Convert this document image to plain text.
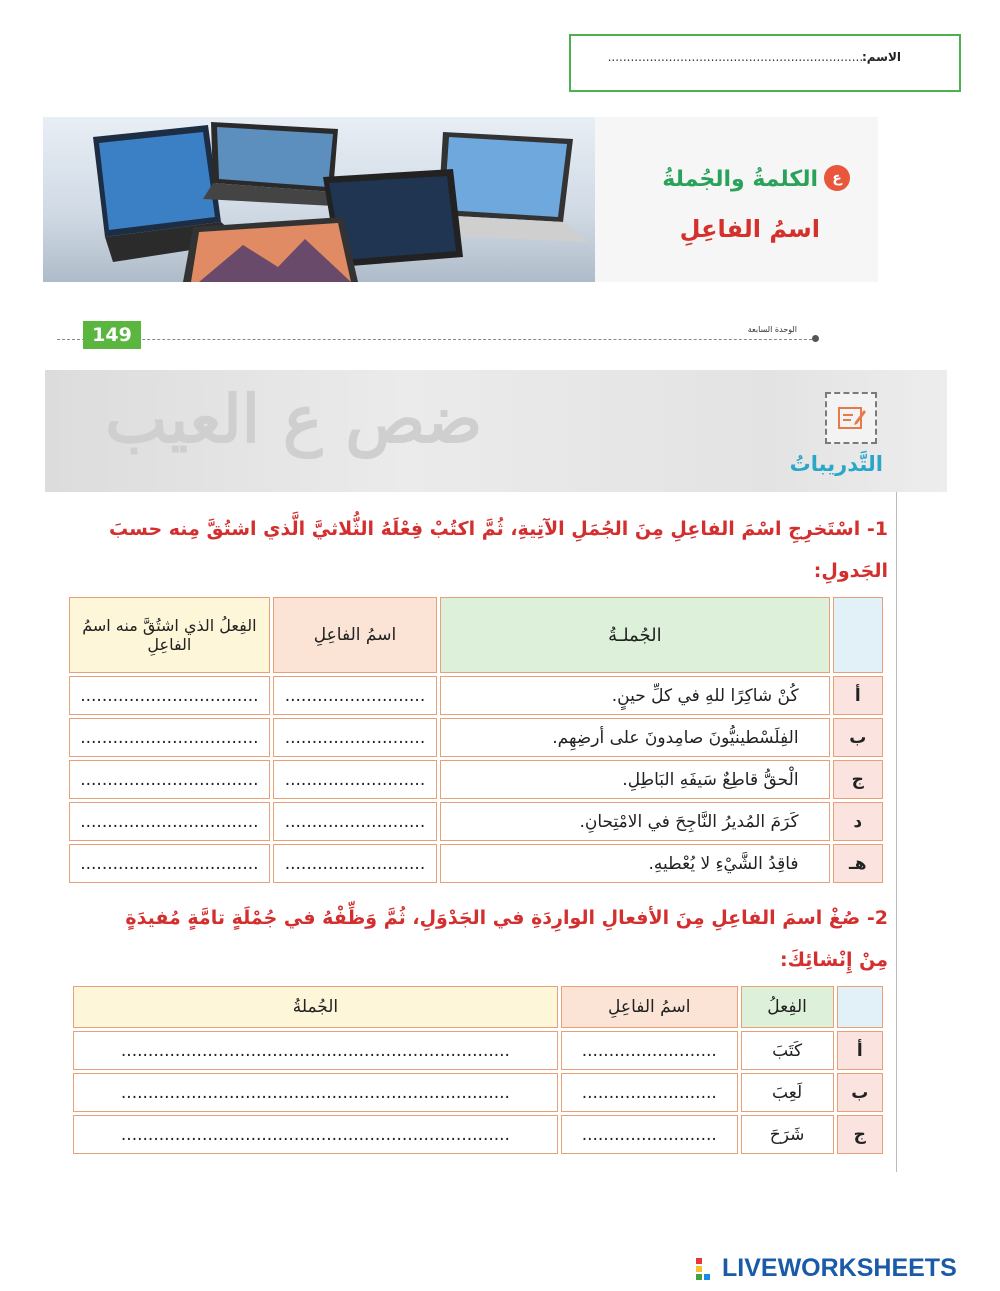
الاسم:
....................................................................
ع
الكلمةُ والجُملةُ
اسمُ الفاعِلِ
149	الوحدة السابعة
ضص ع العيب
التَّدريباتُ
1- اسْتَخرِجِ اسْمَ الفاعِلِ مِنَ الجُمَلِ الآتِيةِ، ثُمَّ اكتُبْ فِعْلَهُ الثُّلاثيَّ الَّذي اشتُقَّ مِنه حسبَ الجَدولِ:
	الجُملـةُ	اسمُ الفاعِلِ	الفِعلُ الذي اشتُقَّ منه اسمُ الفاعِلِ
أ	كُنْ شاكِرًا للهِ في كلِّ حينٍ.	..........................	.................................
ب	الفِلَسْطينيُّونَ صامِدونَ على أرضِهِم.	..........................	.................................
ج	الْحقُّ قاطِعٌ سَيفَهِ البَاطِلِ.	..........................	.................................
د	كَرَمَ المُديرُ النَّاجِحَ في الامْتِحانِ.	..........................	.................................
هـ	فاقِدُ الشَّيْءِ لا يُعْطيهِ.	..........................	.................................
2- صُغْ اسمَ الفاعِلِ مِنَ الأفعالِ الوارِدَةِ في الجَدْوَلِ، ثُمَّ وَظِّفْهُ في جُمْلَةٍ تامَّةٍ مُفيدَةٍ مِنْ إِنْشائِكَ:
	الفِعلُ	اسمُ الفاعِلِ	الجُملةُ
أ	كَتَبَ	.........................	........................................................................
ب	لَعِبَ	.........................	........................................................................
ج	شَرَحَ	.........................	........................................................................
LIVEWORKSHEETS
